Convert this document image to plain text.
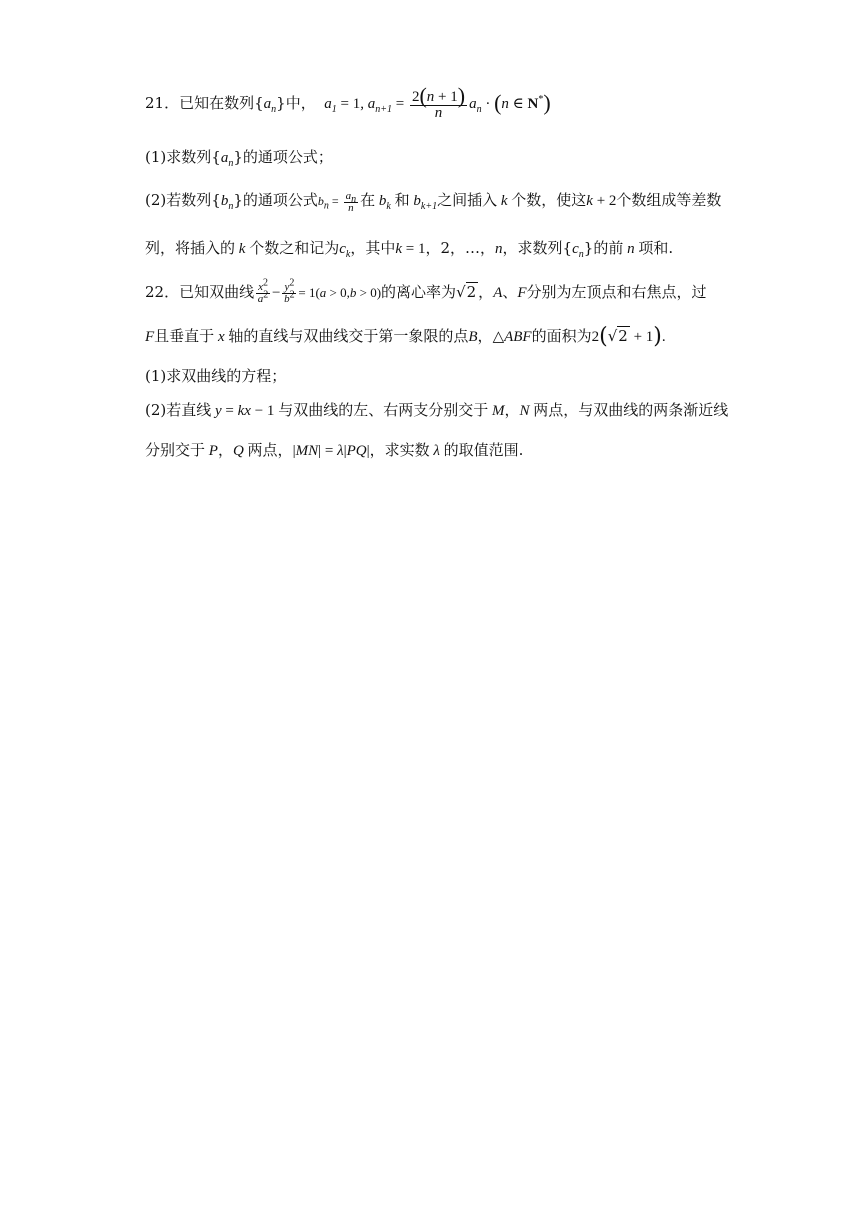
21．已知在数列$\{a_n\}$中，  $a_1 = 1$, $a_{n+1} = \frac{2(n + 1)}{n} a_n \cdot (n$ ∈ N*)
(1)求数列$\{a_n\}$的通项公式；
(2)若数列$\{b_n\}$的通项公式$b_n = \frac{a_n}{n}$ 在 $b_k$ 和 $b_{k+1}$之间插入 k 个数，使这k + 2个数组成等差数
列，将插入的 k 个数之和记为$c_k$，其中k = 1，2，…，n，求数列$\{c_n\}$的前 n 项和.
22．已知双曲线 $\frac{x^2}{a^2} - \frac{y^2}{b^2} = 1(a > 0,b > 0)$的离心率为√2 ，A、F分别为左顶点和右焦点，过
F且垂直于 x 轴的直线与双曲线交于第一象限的点B，△ABF的面积为2(√2 + 1).
(1)求双曲线的方程；
(2)若直线 y = kx − 1 与双曲线的左、右两支分别交于 M，N 两点，与双曲线的两条渐近线
分别交于 P，Q 两点，|MN| = λ|PQ|，求实数 λ 的取值范围.
